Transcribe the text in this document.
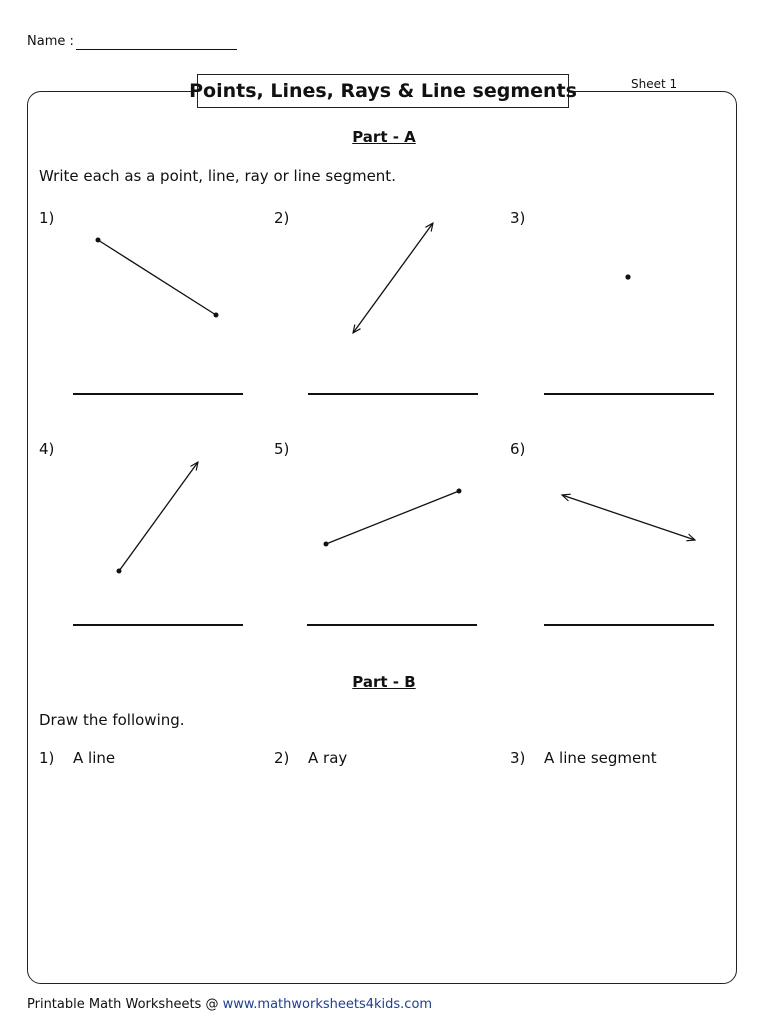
Name :
Points, Lines, Rays & Line segments	Sheet 1
Part - A
Write each as a point, line, ray or line segment.
1)	2)	3)
4)	5)	6)
Part - B
Draw the following.
1) A line	2) A ray	3) A line segment
Printable Math Worksheets @ www.mathworksheets4kids.com
